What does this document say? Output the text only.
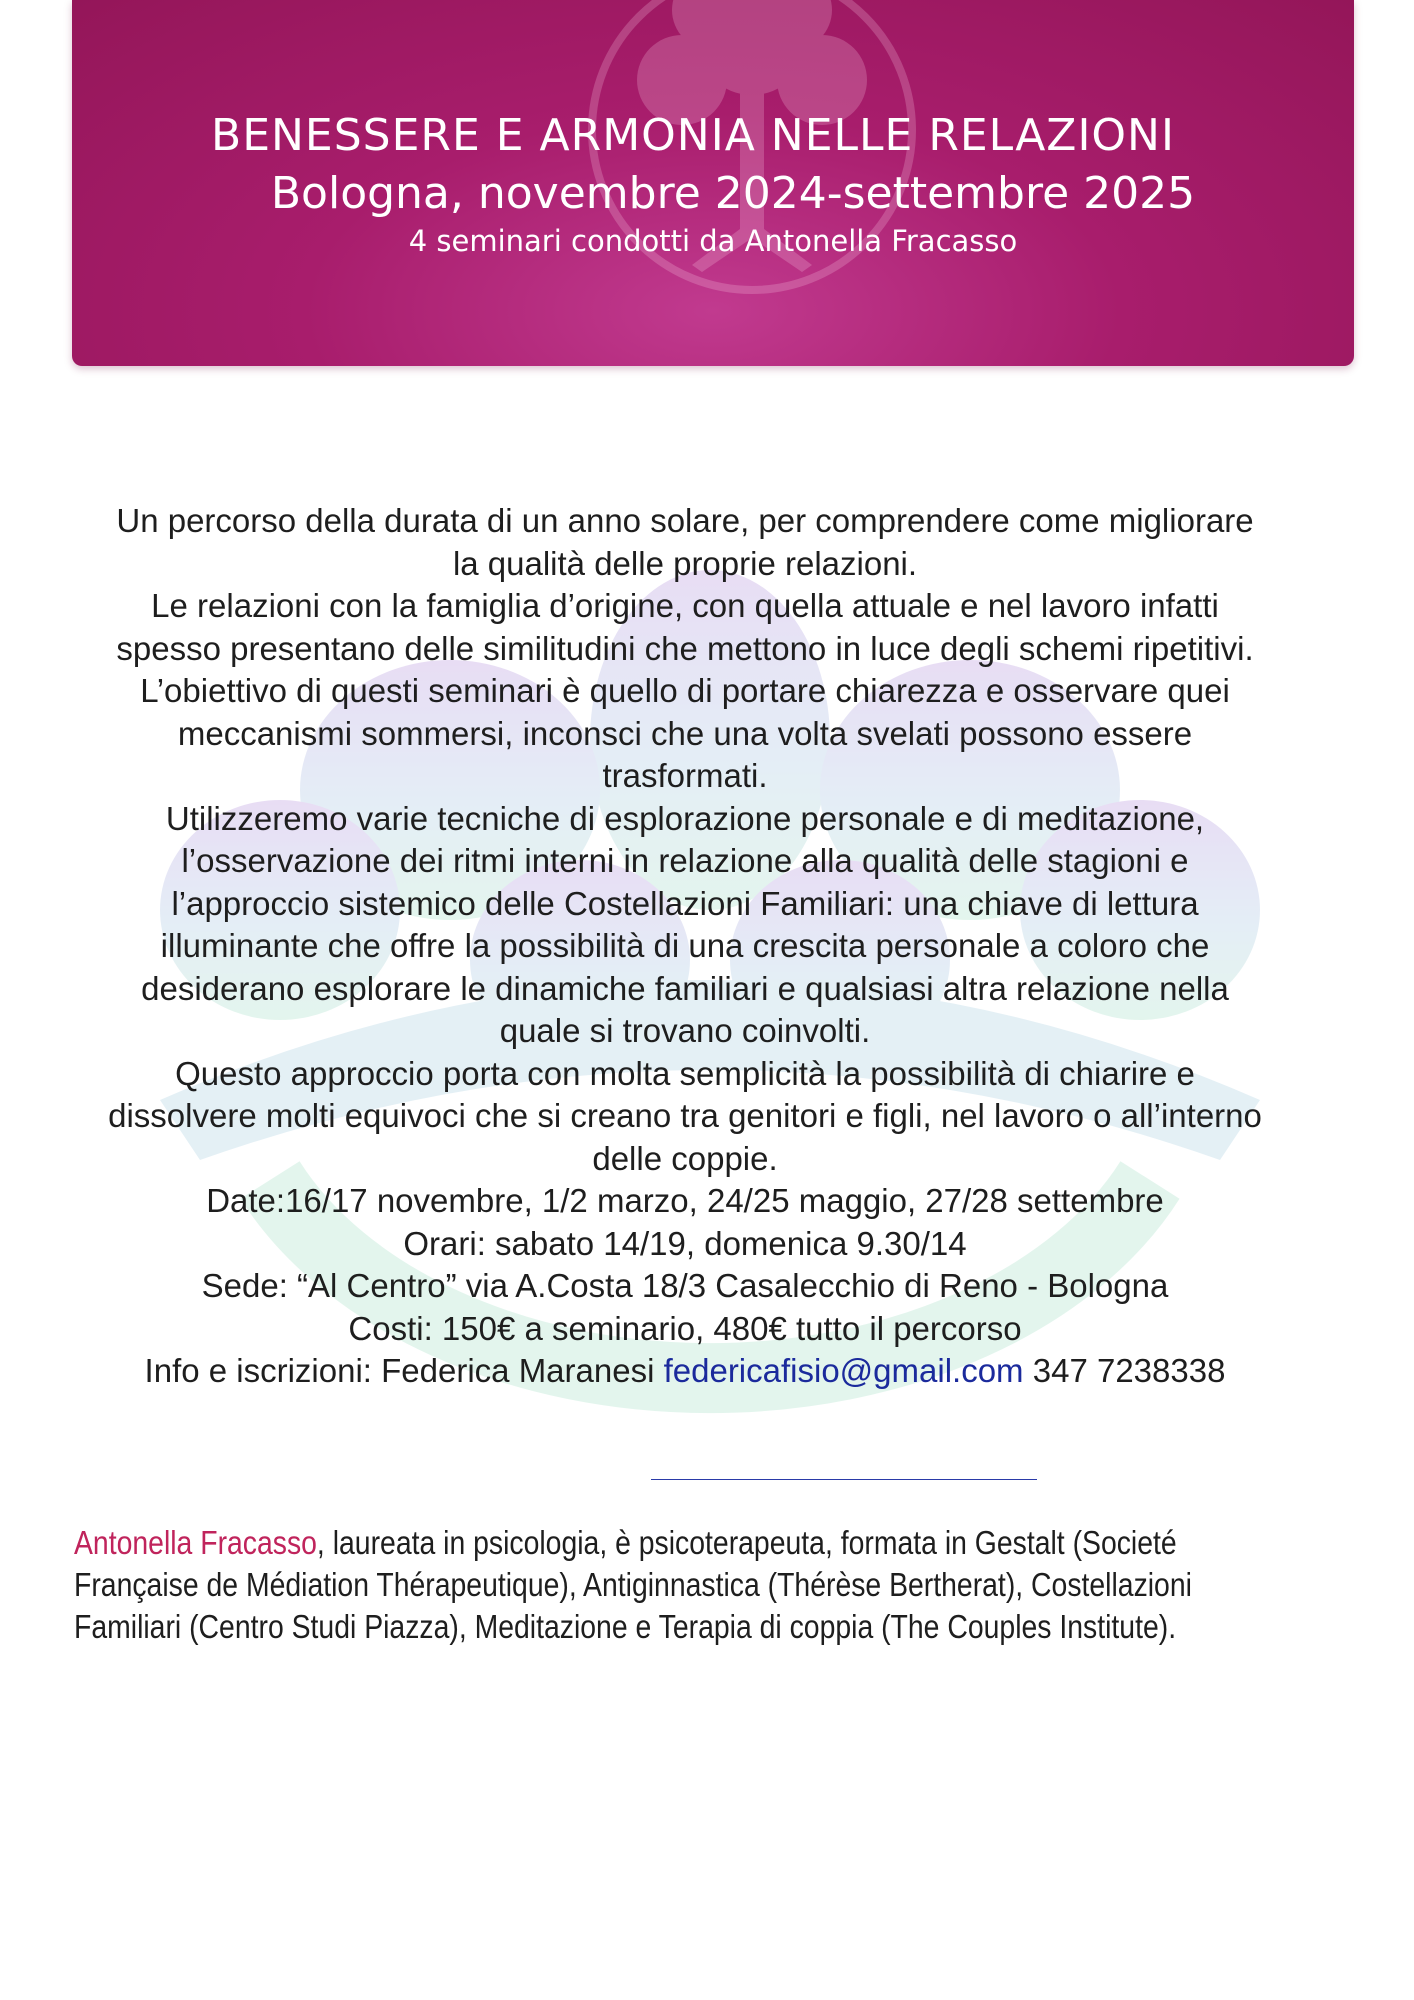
BENESSERE E ARMONIA NELLE RELAZIONI
Bologna, novembre 2024-settembre 2025
4 seminari condotti da Antonella Fracasso

Un percorso della durata di un anno solare, per comprendere come migliorare la qualità delle proprie relazioni.

Le relazioni con la famiglia d’origine, con quella attuale e nel lavoro infatti spesso presentano delle similitudini che mettono in luce degli schemi ripetitivi.

L’obiettivo di questi seminari è quello di portare chiarezza e osservare quei meccanismi sommersi, inconsci che una volta svelati possono essere trasformati.

Utilizzeremo varie tecniche di esplorazione personale e di meditazione, l’osservazione dei ritmi interni in relazione alla qualità delle stagioni e l’approccio sistemico delle Costellazioni Familiari: una chiave di lettura illuminante che offre la possibilità di una crescita personale a coloro che desiderano esplorare le dinamiche familiari e qualsiasi altra relazione nella quale si trovano coinvolti.

Questo approccio porta con molta semplicità la possibilità di chiarire e dissolvere molti equivoci che si creano tra genitori e figli, nel lavoro o all’interno delle coppie.

Date:16/17 novembre, 1/2 marzo, 24/25 maggio, 27/28 settembre

Orari: sabato 14/19, domenica 9.30/14

Sede: “Al Centro” via A.Costa 18/3 Casalecchio di Reno - Bologna

Costi: 150€ a seminario, 480€ tutto il percorso

Info e iscrizioni: Federica Maranesi federicafisio@gmail.com 347 7238338

Antonella Fracasso, laureata in psicologia, è psicoterapeuta, formata in Gestalt (Societé Française de Médiation Thérapeutique), Antiginnastica (Thérèse Bertherat), Costellazioni Familiari (Centro Studi Piazza), Meditazione e Terapia di coppia (The Couples Institute).
